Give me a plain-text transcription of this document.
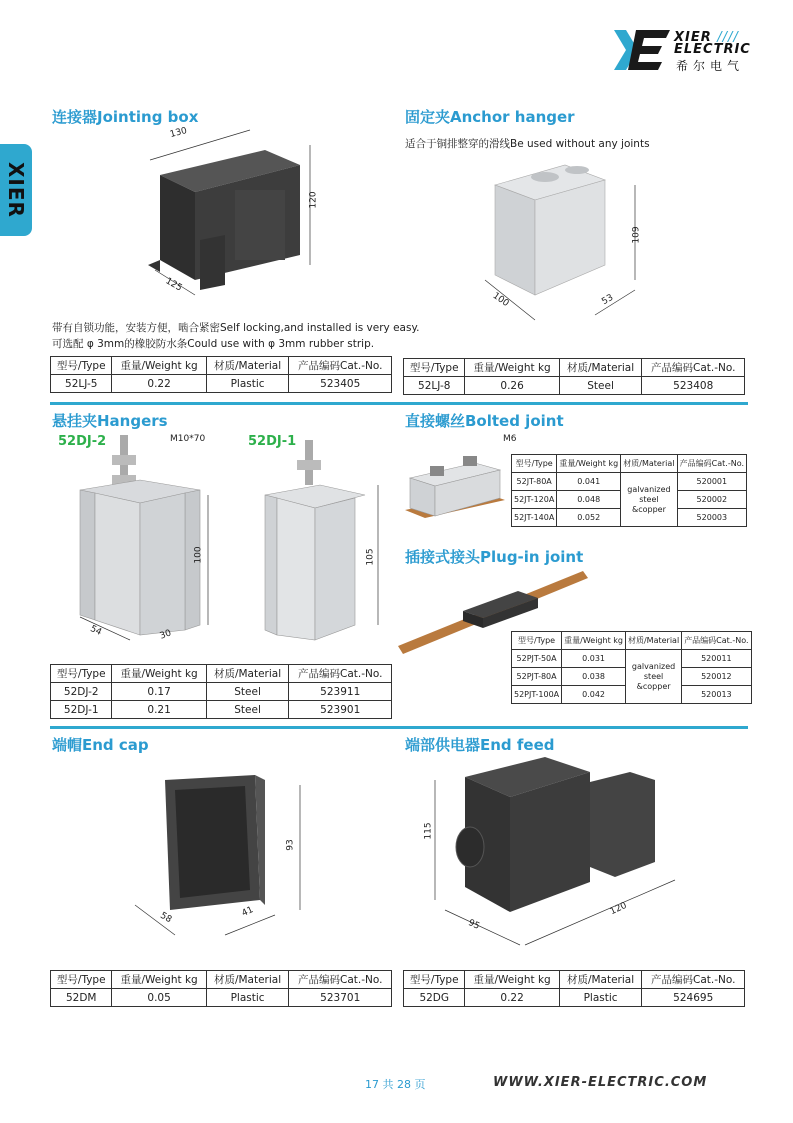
XIER ////
ELECTRIC
希尔电气
XIER
连接器Jointing box
130
120
125
带有自锁功能，安装方便，啮合紧密Self locking,and installed is very easy.
可选配 φ 3mm的橡胶防水条Could use with φ 3mm rubber strip.
型号/Type	重量/Weight kg	材质/Material	产品编码Cat.-No.
52LJ-5	0.22	Plastic	523405
固定夹Anchor hanger
适合于铜排整穿的滑线Be used without any joints
109
100	53
型号/Type	重量/Weight kg	材质/Material	产品编码Cat.-No.
52LJ-8	0.26	Steel	523408
悬挂夹Hangers
52DJ-2	52DJ-1
M10*70
100
54	30
105
型号/Type	重量/Weight kg	材质/Material	产品编码Cat.-No.
52DJ-2	0.17	Steel	523911
52DJ-1	0.21	Steel	523901
直接螺丝Bolted joint
M6
型号/Type	重量/Weight kg	材质/Material	产品编码Cat.-No.
52JT-80A	0.041	galvanized steel &copper	520001
52JT-120A	0.048		520002
52JT-140A	0.052		520003
插接式接头Plug-in joint
型号/Type	重量/Weight kg	材质/Material	产品编码Cat.-No.
52PJT-50A	0.031	galvanized steel &copper	520011
52PJT-80A	0.038		520012
52PJT-100A	0.042		520013
端帽End cap
93
58	41
型号/Type	重量/Weight kg	材质/Material	产品编码Cat.-No.
52DM	0.05	Plastic	523701
端部供电器End feed
115
95
120
型号/Type	重量/Weight kg	材质/Material	产品编码Cat.-No.
52DG	0.22	Plastic	524695
17 共 28 页	WWW.XIER-ELECTRIC.COM
